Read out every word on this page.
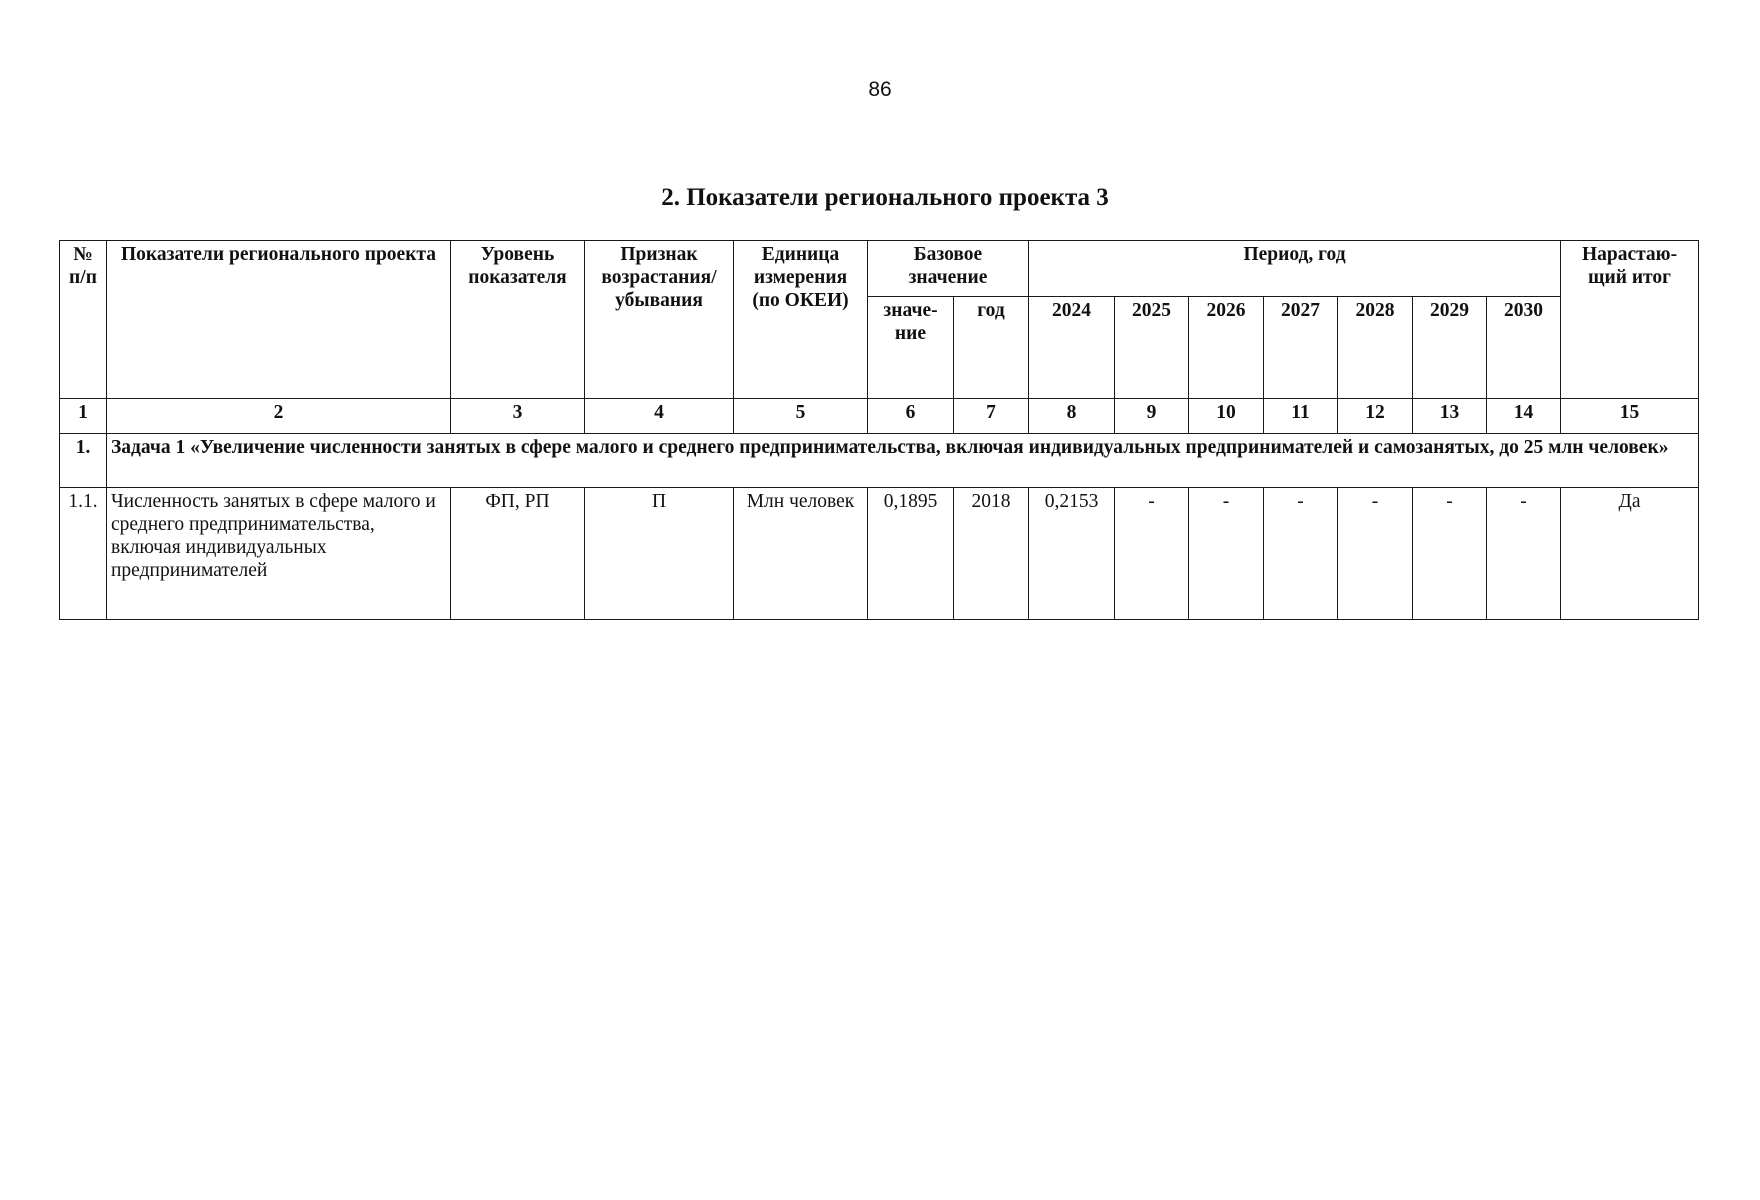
86
2. Показатели регионального проекта 3
№ п/п	Показатели регионального проекта	Уровень показателя	Признак возрастания/ убывания	Единица измерения (по ОКЕИ)	Базовое значение		Период, год							Нарастаю- щий итог
					значе- ние	год	2024	2025	2026	2027	2028	2029	2030	
1	2	3	4	5	6	7	8	9	10	11	12	13	14	15
1.	Задача 1 «Увеличение численности занятых в сфере малого и среднего предпринимательства, включая индивидуальных предпринимателей и самозанятых, до 25 млн человек»													
1.1.	Численность занятых в сфере малого и среднего предпринимательства, включая индивидуальных предпринимателей	ФП, РП	П	Млн человек	0,1895	2018	0,2153	-	-	-	-	-	-	Да
